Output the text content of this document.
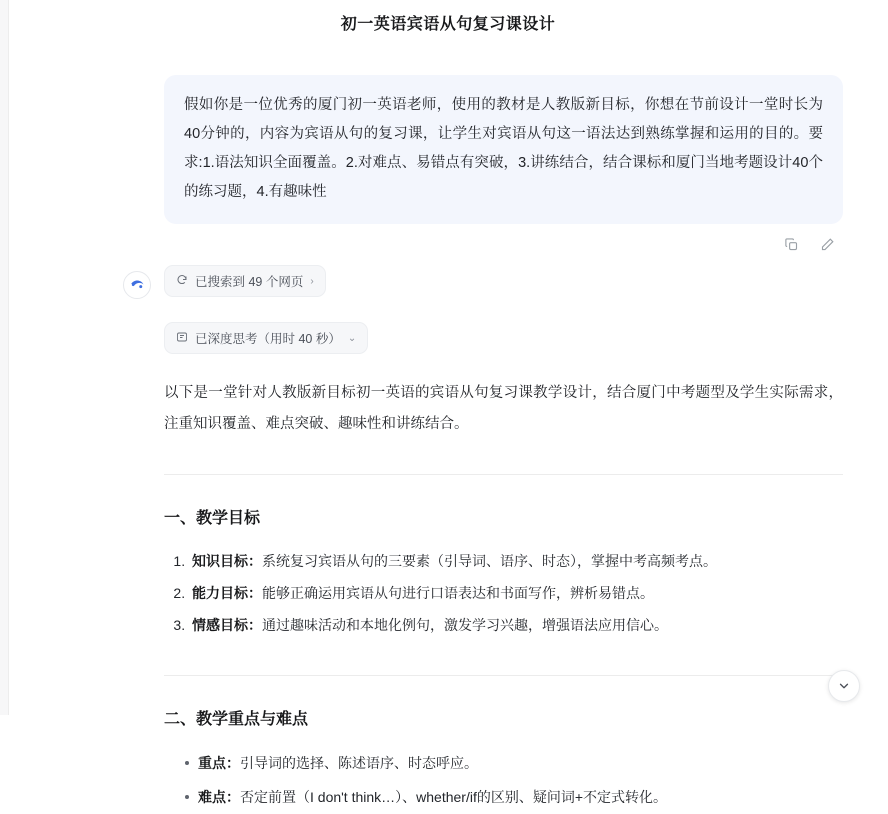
初一英语宾语从句复习课设计
假如你是一位优秀的厦门初一英语老师，使用的教材是人教版新目标，你想在节前设计一堂时长为40分钟的，内容为宾语从句的复习课，让学生对宾语从句这一语法达到熟练掌握和运用的目的。要求:1.语法知识全面覆盖。2.对难点、易错点有突破，3.讲练结合，结合课标和厦门当地考题设计40个的练习题，4.有趣味性
已搜索到 49 个网页 ›
已深度思考（用时 40 秒） ⌄
以下是一堂针对人教版新目标初一英语的宾语从句复习课教学设计，结合厦门中考题型及学生实际需求，注重知识覆盖、难点突破、趣味性和讲练结合。
一、教学目标
1. 知识目标：系统复习宾语从句的三要素（引导词、语序、时态），掌握中考高频考点。
2. 能力目标：能够正确运用宾语从句进行口语表达和书面写作，辨析易错点。
3. 情感目标：通过趣味活动和本地化例句，激发学习兴趣，增强语法应用信心。
二、教学重点与难点
重点：引导词的选择、陈述语序、时态呼应。
难点：否定前置（I don't think…）、whether/if的区别、疑问词+不定式转化。
